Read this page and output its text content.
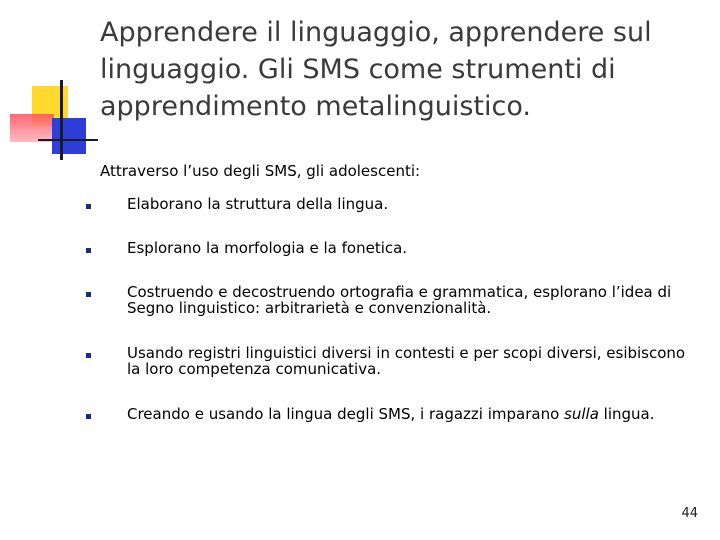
Apprendere il linguaggio, apprendere sul linguaggio. Gli SMS come strumenti di apprendimento metalinguistico.
Attraverso l’uso degli SMS, gli adolescenti:
Elaborano la struttura della lingua.
Esplorano la morfologia e la fonetica.
Costruendo e decostruendo ortografia e grammatica, esplorano l’idea di Segno linguistico: arbitrarietà e convenzionalità.
Usando registri linguistici diversi in contesti e per scopi diversi, esibiscono la loro competenza comunicativa.
Creando e usando la lingua degli SMS, i ragazzi imparano sulla lingua.
44
